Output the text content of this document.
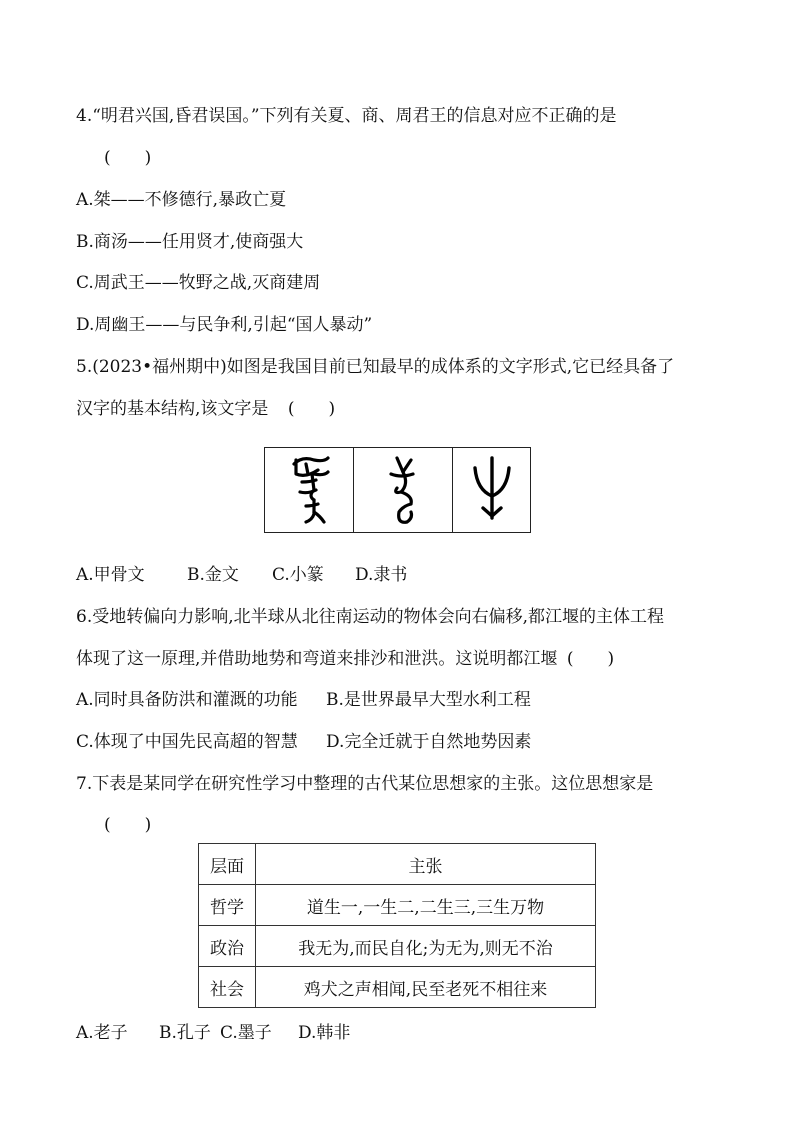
4.“明君兴国,昏君误国。”下列有关夏、商、周君王的信息对应不正确的是
(　　)
A.桀——不修德行,暴政亡夏
B.商汤——任用贤才,使商强大
C.周武王——牧野之战,灭商建周
D.周幽王——与民争利,引起“国人暴动”
5.(2023•福州期中)如图是我国目前已知最早的成体系的文字形式,它已经具备了
汉字的基本结构,该文字是 (　　)
A.甲骨文 B.金文 C.小篆 D.隶书
6.受地转偏向力影响,北半球从北往南运动的物体会向右偏移,都江堰的主体工程
体现了这一原理,并借助地势和弯道来排沙和泄洪。这说明都江堰 (　　)
A.同时具备防洪和灌溉的功能 B.是世界最早大型水利工程
C.体现了中国先民高超的智慧 D.完全迁就于自然地势因素
7.下表是某同学在研究性学习中整理的古代某位思想家的主张。这位思想家是
(　　)
层面	主张
哲学	道生一,一生二,二生三,三生万物
政治	我无为,而民自化;为无为,则无不治
社会	鸡犬之声相闻,民至老死不相往来
A.老子 B.孔子 C.墨子 D.韩非
